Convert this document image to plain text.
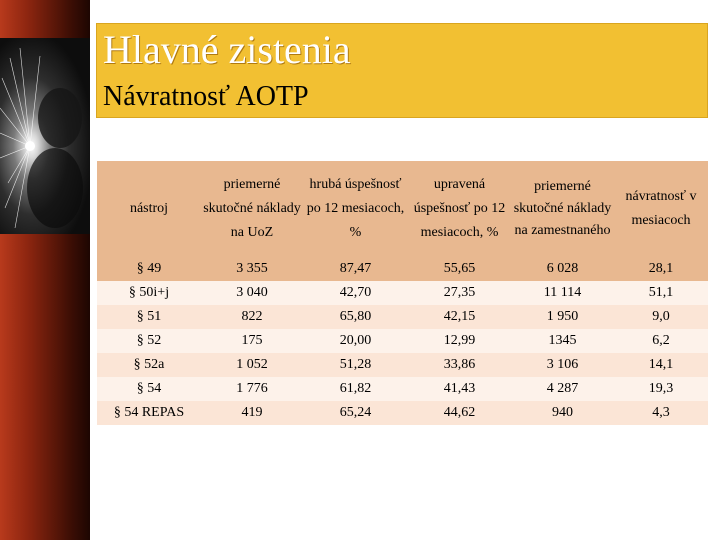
Hlavné zistenia
Návratnosť AOTP
nástroj	priemerné skutočné náklady na UoZ	hrubá úspešnosť po 12 mesiacoch, %	upravená úspešnosť po 12 mesiacoch, %	priemerné skutočné náklady na zamestnaného	návratnosť v mesiacoch
§ 49	3 355	87,47	55,65	6 028	28,1
§ 50i+j	3 040	42,70	27,35	11 114	51,1
§ 51	822	65,80	42,15	1 950	9,0
§ 52	175	20,00	12,99	1345	6,2
§ 52a	1 052	51,28	33,86	3 106	14,1
§ 54	1 776	61,82	41,43	4 287	19,3
§ 54 REPAS	419	65,24	44,62	940	4,3
